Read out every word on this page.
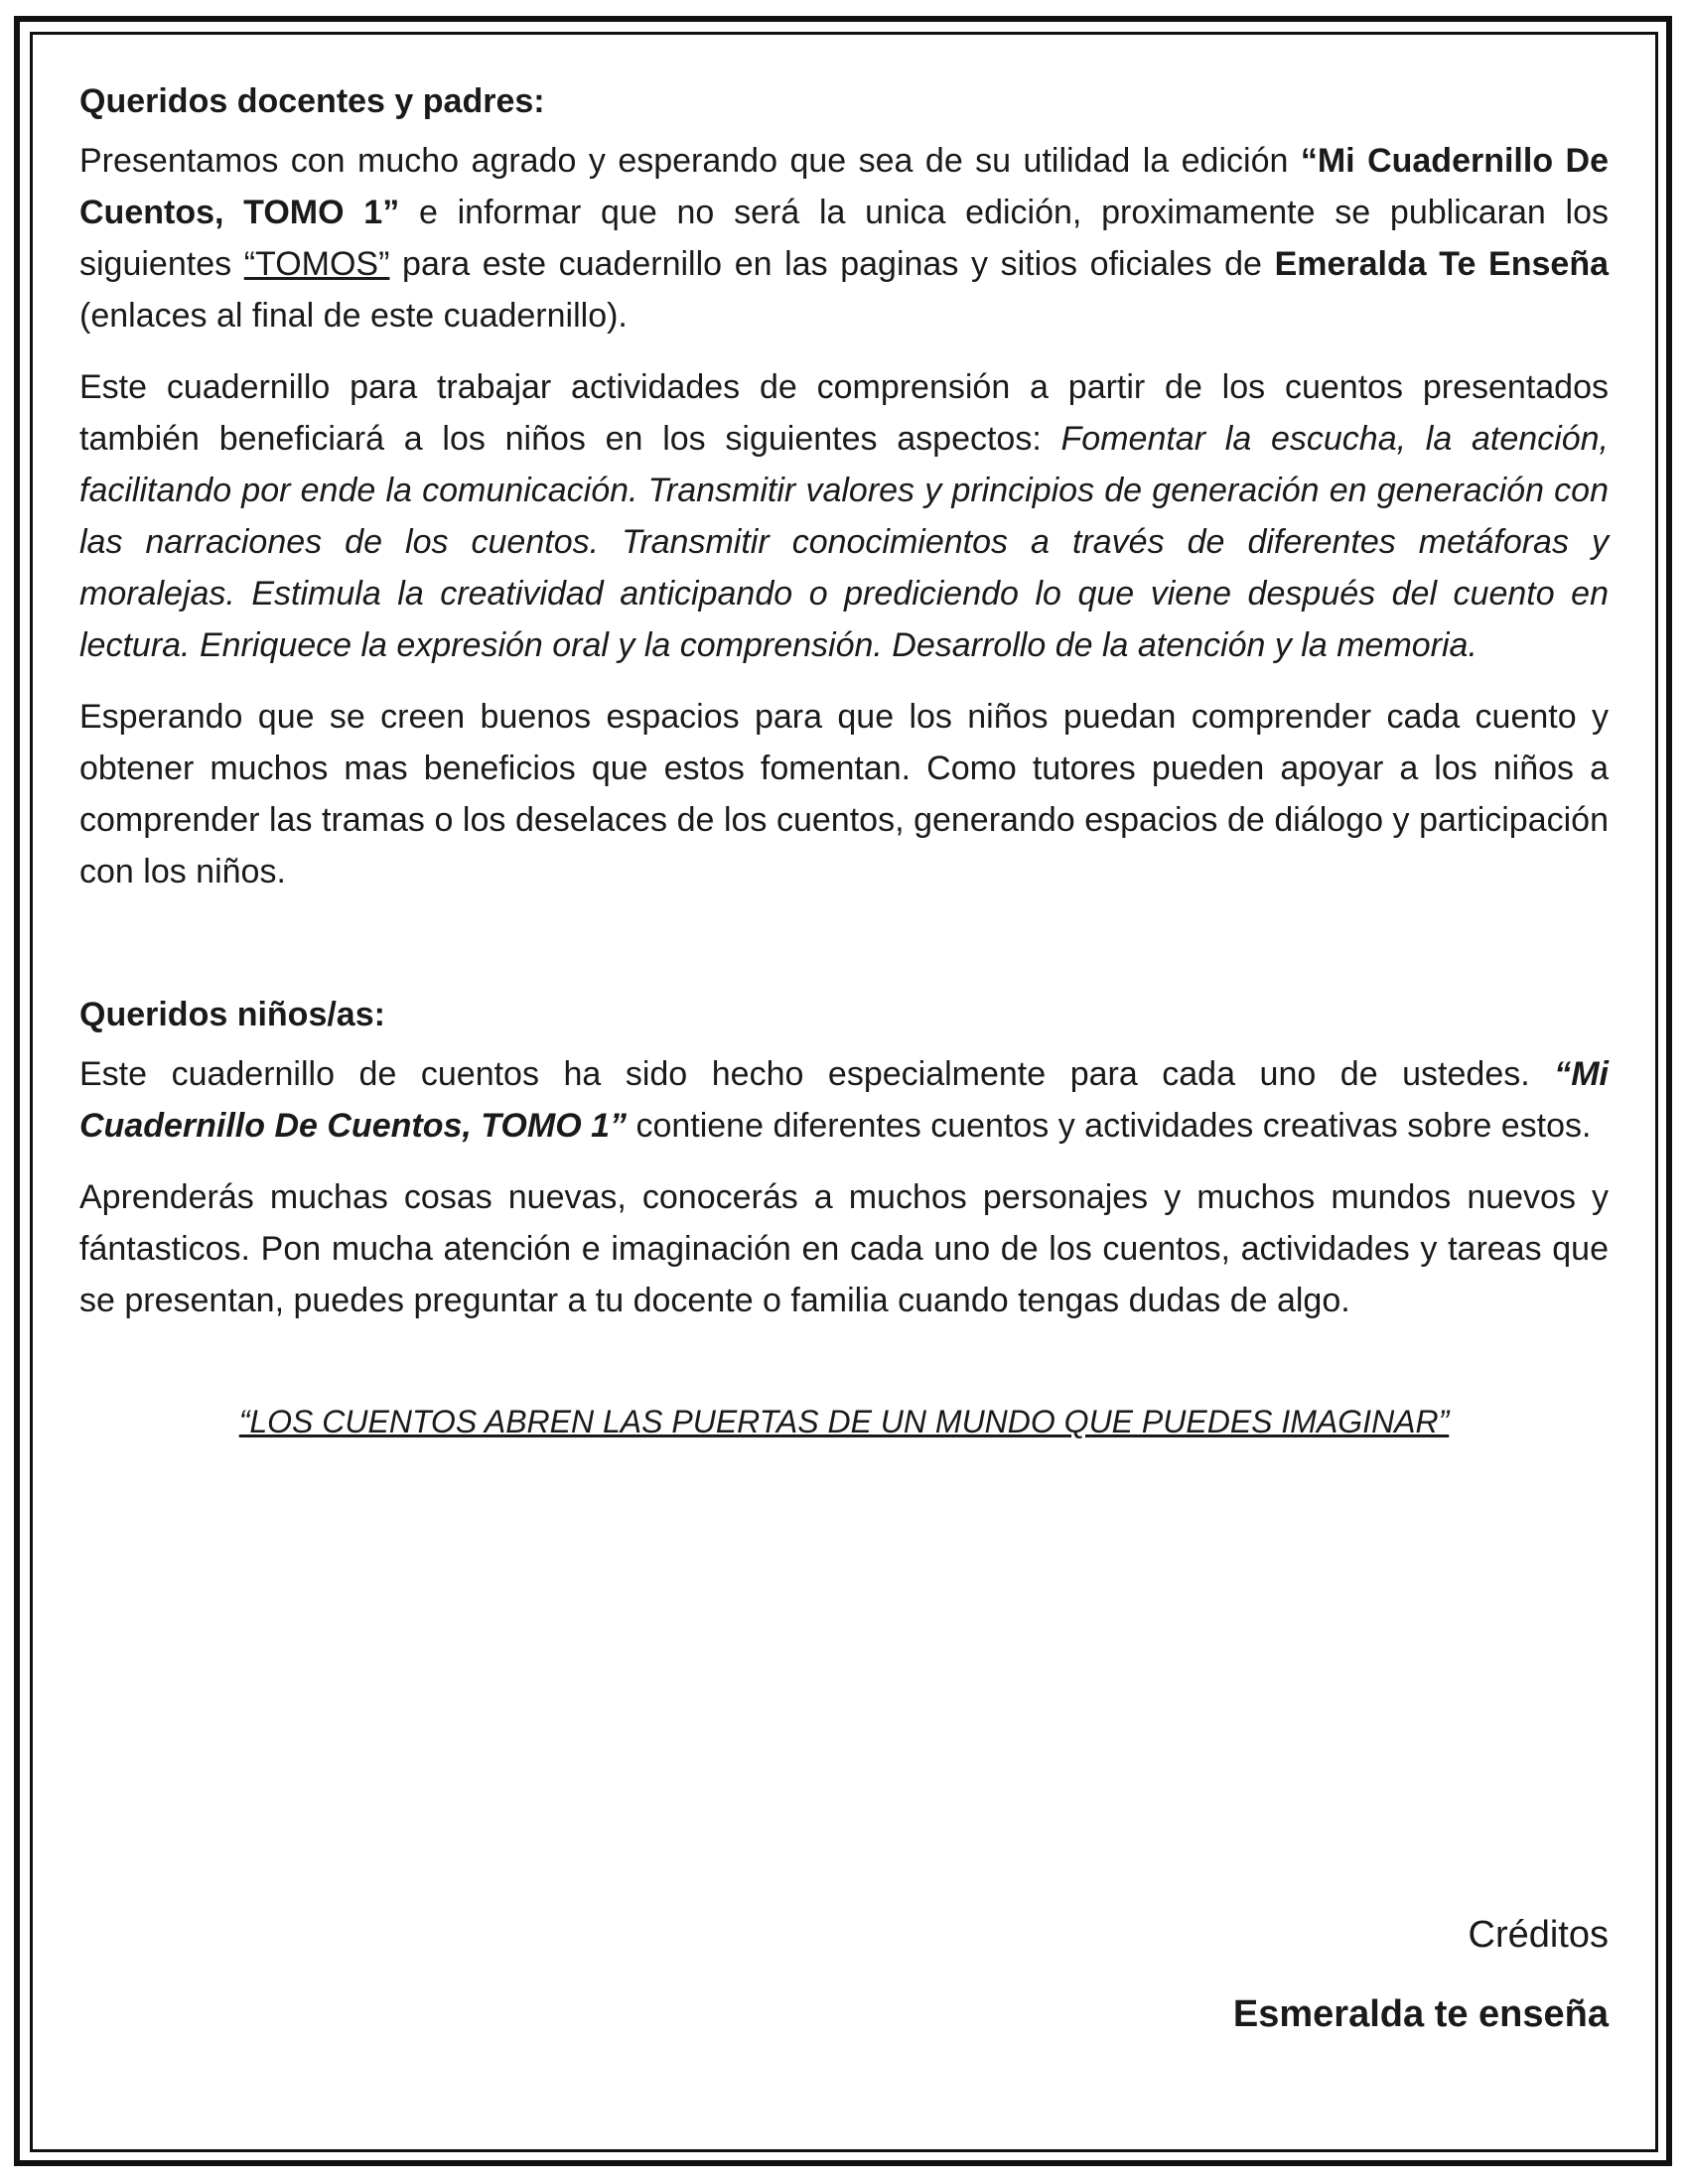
Queridos docentes y padres:

Presentamos con mucho agrado y esperando que sea de su utilidad la edición “Mi Cuadernillo De Cuentos, TOMO 1” e informar que no será la unica edición, proximamente se publicaran los siguientes “TOMOS” para este cuadernillo en las paginas y sitios oficiales de Emeralda Te Enseña (enlaces al final de este cuadernillo).

Este cuadernillo para trabajar actividades de comprensión a partir de los cuentos presentados también beneficiará a los niños en los siguientes aspectos: Fomentar la escucha, la atención, facilitando por ende la comunicación. Transmitir valores y principios de generación en generación con las narraciones de los cuentos. Transmitir conocimientos a través de diferentes metáforas y moralejas. Estimula la creatividad anticipando o prediciendo lo que viene después del cuento en lectura. Enriquece la expresión oral y la comprensión. Desarrollo de la atención y la memoria.

Esperando que se creen buenos espacios para que los niños puedan comprender cada cuento y obtener muchos mas beneficios que estos fomentan. Como tutores pueden apoyar a los niños a comprender las tramas o los deselaces de los cuentos, generando espacios de diálogo y participación con los niños.

Queridos niños/as:

Este cuadernillo de cuentos ha sido hecho especialmente para cada uno de ustedes. “Mi Cuadernillo De Cuentos, TOMO 1” contiene diferentes cuentos y actividades creativas sobre estos.

Aprenderás muchas cosas nuevas, conocerás a muchos personajes y muchos mundos nuevos y fántasticos. Pon mucha atención e imaginación en cada uno de los cuentos, actividades y tareas que se presentan, puedes preguntar a tu docente o familia cuando tengas dudas de algo.

“LOS CUENTOS ABREN LAS PUERTAS DE UN MUNDO QUE PUEDES IMAGINAR”
Créditos
Esmeralda te enseña
